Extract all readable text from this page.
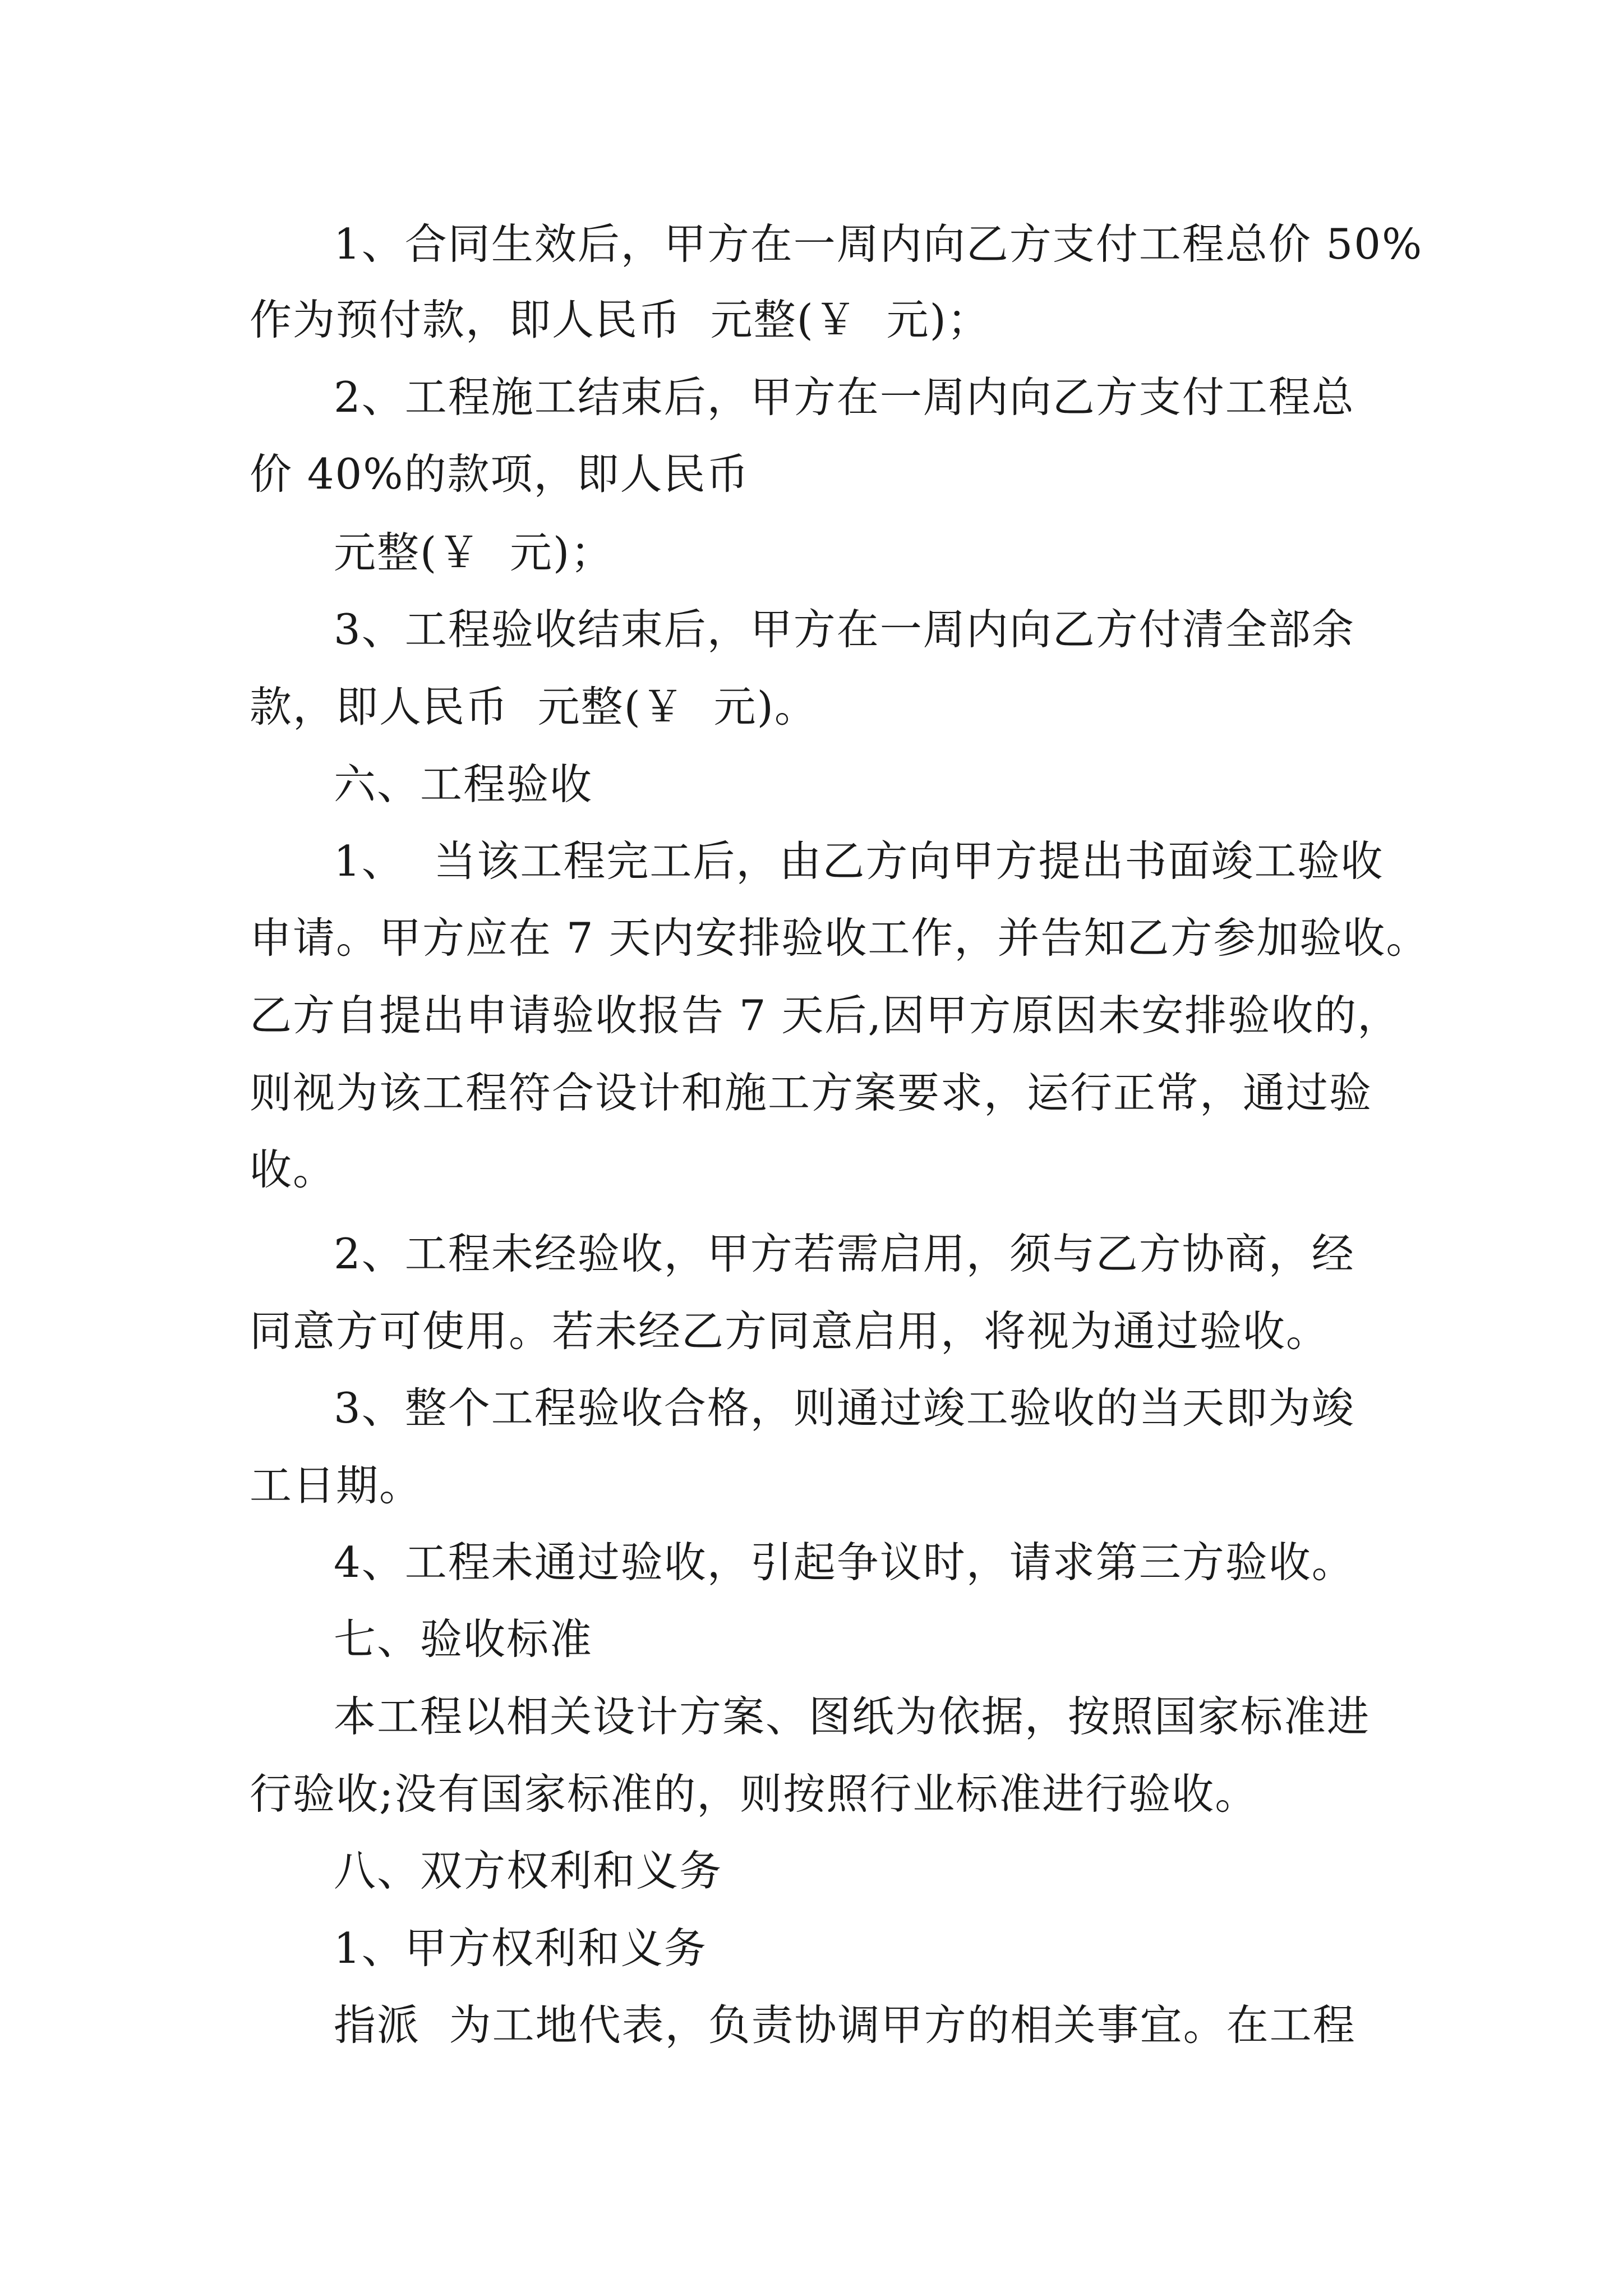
1、合同生效后，甲方在一周内向乙方支付工程总价 50%
作为预付款，即人民币  元整(￥  元)；
2、工程施工结束后，甲方在一周内向乙方支付工程总
价 40%的款项，即人民币
元整(￥  元)；
3、工程验收结束后，甲方在一周内向乙方付清全部余
款，即人民币  元整(￥  元)。
六、工程验收
1、  当该工程完工后，由乙方向甲方提出书面竣工验收
申请。甲方应在 7 天内安排验收工作，并告知乙方参加验收。
乙方自提出申请验收报告 7 天后,因甲方原因未安排验收的，
则视为该工程符合设计和施工方案要求，运行正常，通过验
收。
2、工程未经验收，甲方若需启用，须与乙方协商，经
同意方可使用。若未经乙方同意启用，将视为通过验收。
3、整个工程验收合格，则通过竣工验收的当天即为竣
工日期。
4、工程未通过验收，引起争议时，请求第三方验收。
七、验收标准
本工程以相关设计方案、图纸为依据，按照国家标准进
行验收;没有国家标准的，则按照行业标准进行验收。
八、双方权利和义务
1、甲方权利和义务
指派  为工地代表，负责协调甲方的相关事宜。在工程
